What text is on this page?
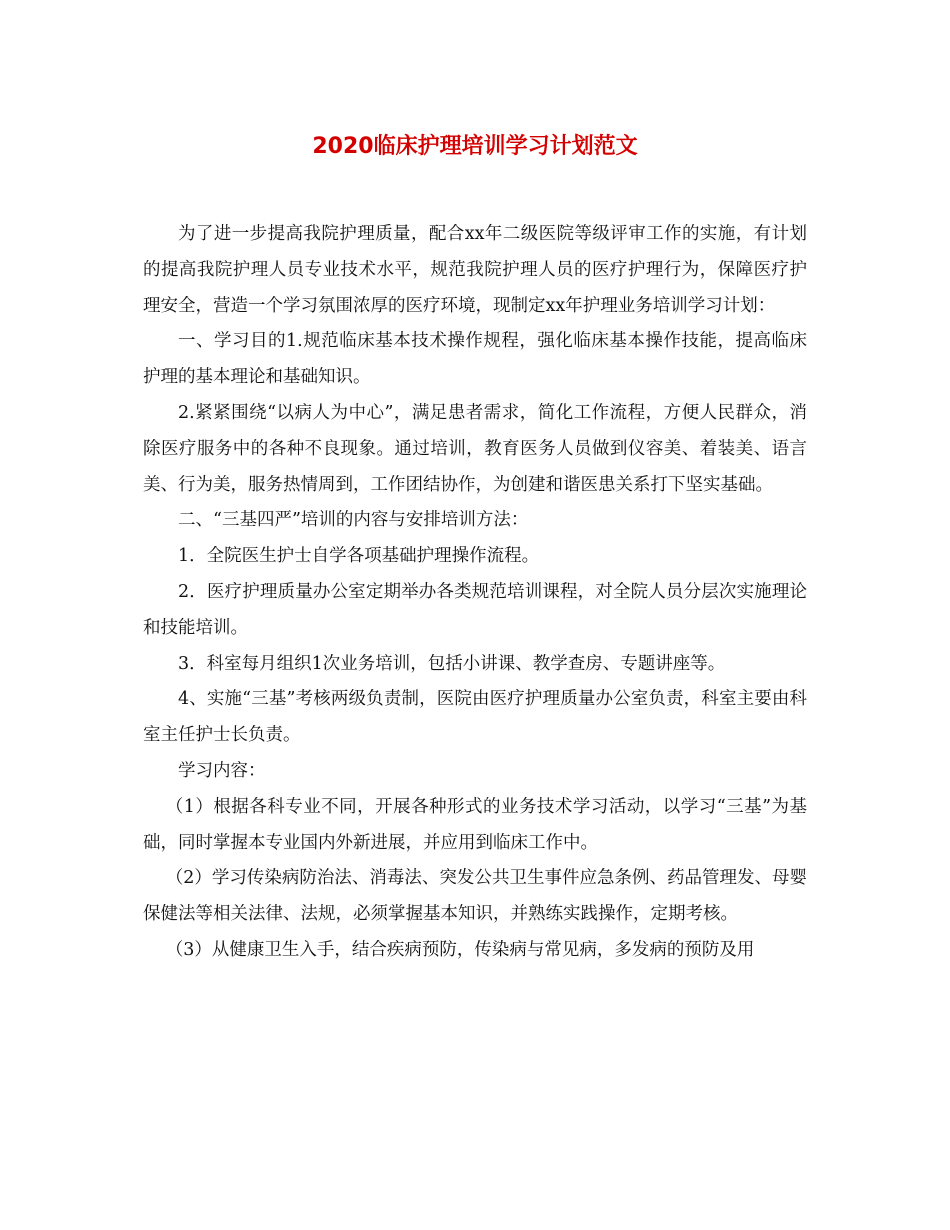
2020临床护理培训学习计划范文

为了进一步提高我院护理质量，配合xx年二级医院等级评审工作的实施，有计划的提高我院护理人员专业技术水平，规范我院护理人员的医疗护理行为，保障医疗护理安全，营造一个学习氛围浓厚的医疗环境，现制定xx年护理业务培训学习计划：

一、学习目的1.规范临床基本技术操作规程，强化临床基本操作技能，提高临床护理的基本理论和基础知识。

2.紧紧围绕“以病人为中心”，满足患者需求，简化工作流程，方便人民群众，消除医疗服务中的各种不良现象。通过培训，教育医务人员做到仪容美、着装美、语言美、行为美，服务热情周到，工作团结协作，为创建和谐医患关系打下坚实基础。

二、“三基四严”培训的内容与安排培训方法：

1．全院医生护士自学各项基础护理操作流程。

2．医疗护理质量办公室定期举办各类规范培训课程，对全院人员分层次实施理论和技能培训。

3．科室每月组织1次业务培训，包括小讲课、教学查房、专题讲座等。

4、实施“三基”考核两级负责制，医院由医疗护理质量办公室负责，科室主要由科室主任护士长负责。

学习内容：

（1）根据各科专业不同，开展各种形式的业务技术学习活动，以学习“三基”为基础，同时掌握本专业国内外新进展，并应用到临床工作中。

（2）学习传染病防治法、消毒法、突发公共卫生事件应急条例、药品管理发、母婴保健法等相关法律、法规，必须掌握基本知识，并熟练实践操作，定期考核。

（3）从健康卫生入手，结合疾病预防，传染病与常见病，多发病的预防及用
